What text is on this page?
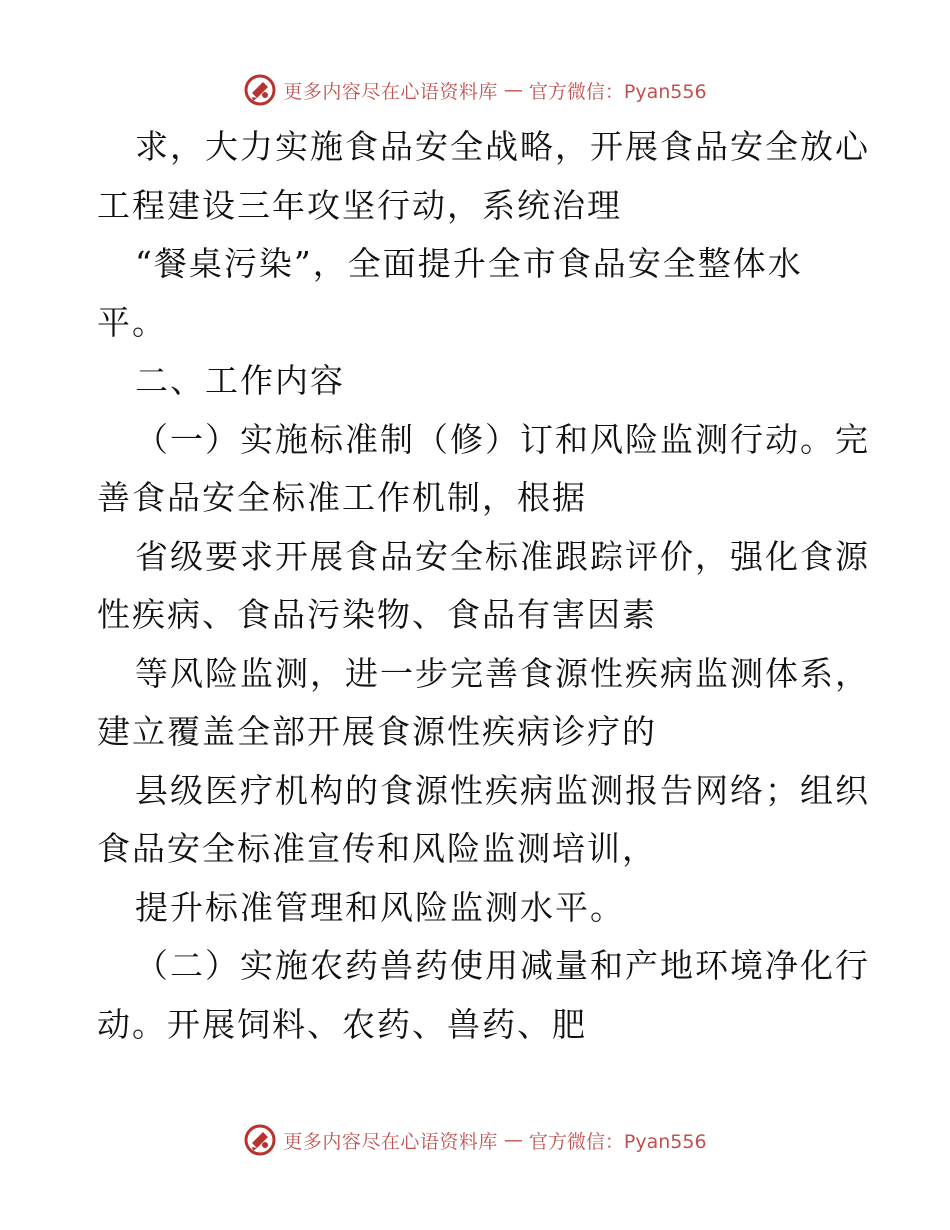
更多内容尽在心语资料库 — 官方微信：Pyan556
求，大力实施食品安全战略，开展食品安全放心
工程建设三年攻坚行动，系统治理
“餐桌污染”，全面提升全市食品安全整体水
平。
二、工作内容
（一）实施标准制（修）订和风险监测行动。完
善食品安全标准工作机制，根据
省级要求开展食品安全标准跟踪评价，强化食源
性疾病、食品污染物、食品有害因素
等风险监测，进一步完善食源性疾病监测体系，
建立覆盖全部开展食源性疾病诊疗的
县级医疗机构的食源性疾病监测报告网络；组织
食品安全标准宣传和风险监测培训，
提升标准管理和风险监测水平。
（二）实施农药兽药使用减量和产地环境净化行
动。开展饲料、农药、兽药、肥
更多内容尽在心语资料库 — 官方微信：Pyan556
